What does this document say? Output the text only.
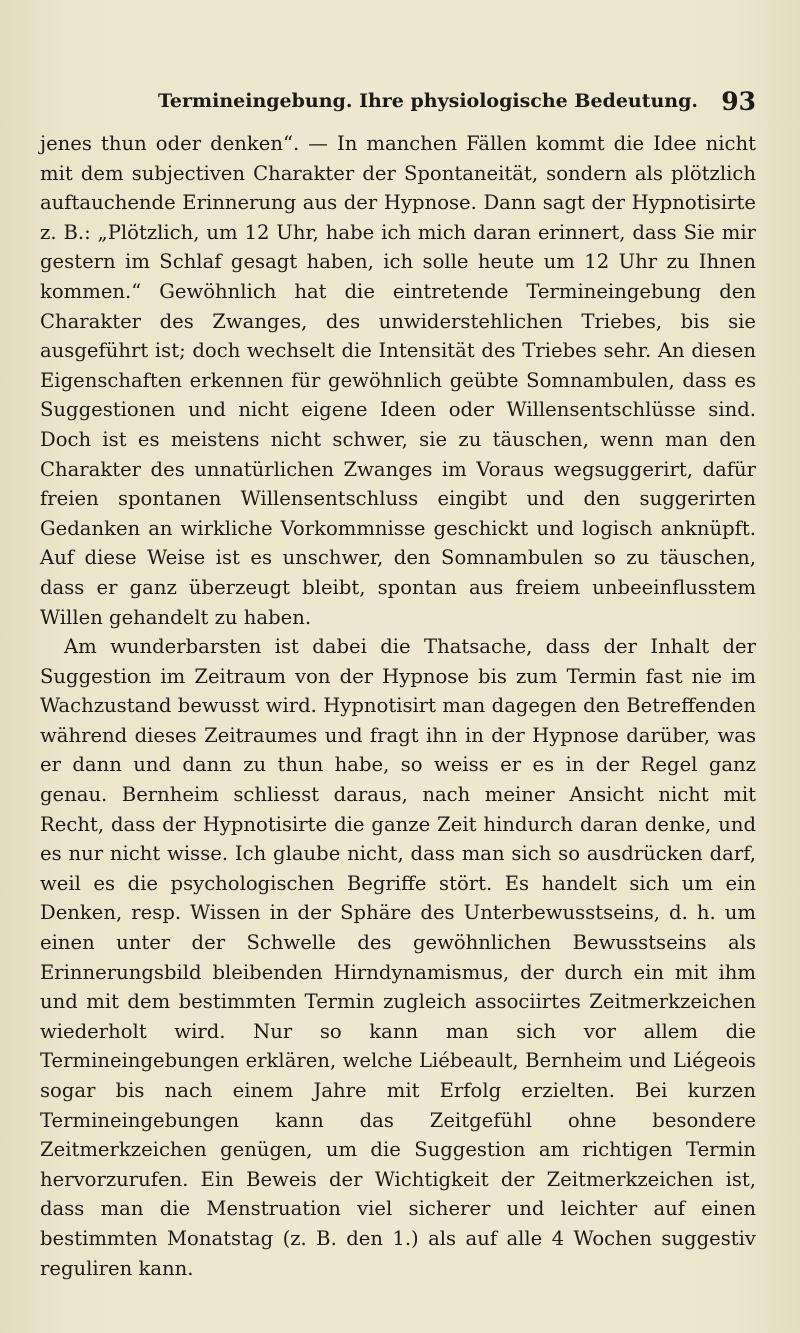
Termineingebung. Ihre physiologische Bedeutung. 93

jenes thun oder denken“. — In manchen Fällen kommt die Idee nicht mit dem subjectiven Charakter der Spontaneität, sondern als plötzlich auftauchende Erinnerung aus der Hypnose. Dann sagt der Hypnotisirte z. B.: „Plötzlich, um 12 Uhr, habe ich mich daran erinnert, dass Sie mir gestern im Schlaf gesagt haben, ich solle heute um 12 Uhr zu Ihnen kommen.“ Gewöhnlich hat die eintretende Termineingebung den Charakter des Zwanges, des unwiderstehlichen Triebes, bis sie ausgeführt ist; doch wechselt die Intensität des Triebes sehr. An diesen Eigenschaften erkennen für gewöhnlich geübte Somnambulen, dass es Suggestionen und nicht eigene Ideen oder Willensentschlüsse sind. Doch ist es meistens nicht schwer, sie zu täuschen, wenn man den Charakter des unnatürlichen Zwanges im Voraus wegsuggerirt, dafür freien spontanen Willensentschluss eingibt und den suggerirten Gedanken an wirkliche Vorkommnisse geschickt und logisch anknüpft. Auf diese Weise ist es unschwer, den Somnambulen so zu täuschen, dass er ganz überzeugt bleibt, spontan aus freiem unbeeinflusstem Willen gehandelt zu haben.

Am wunderbarsten ist dabei die Thatsache, dass der Inhalt der Suggestion im Zeitraum von der Hypnose bis zum Termin fast nie im Wachzustand bewusst wird. Hypnotisirt man dagegen den Betreffenden während dieses Zeitraumes und fragt ihn in der Hypnose darüber, was er dann und dann zu thun habe, so weiss er es in der Regel ganz genau. Bernheim schliesst daraus, nach meiner Ansicht nicht mit Recht, dass der Hypnotisirte die ganze Zeit hindurch daran denke, und es nur nicht wisse. Ich glaube nicht, dass man sich so ausdrücken darf, weil es die psychologischen Begriffe stört. Es handelt sich um ein Denken, resp. Wissen in der Sphäre des Unterbewusstseins, d. h. um einen unter der Schwelle des gewöhnlichen Bewusstseins als Erinnerungsbild bleibenden Hirndynamismus, der durch ein mit ihm und mit dem bestimmten Termin zugleich associirtes Zeitmerkzeichen wiederholt wird. Nur so kann man sich vor allem die Termineingebungen erklären, welche Liébeault, Bernheim und Liégeois sogar bis nach einem Jahre mit Erfolg erzielten. Bei kurzen Termineingebungen kann das Zeitgefühl ohne besondere Zeitmerkzeichen genügen, um die Suggestion am richtigen Termin hervorzurufen. Ein Beweis der Wichtigkeit der Zeitmerkzeichen ist, dass man die Menstruation viel sicherer und leichter auf einen bestimmten Monatstag (z. B. den 1.) als auf alle 4 Wochen suggestiv reguliren kann.
